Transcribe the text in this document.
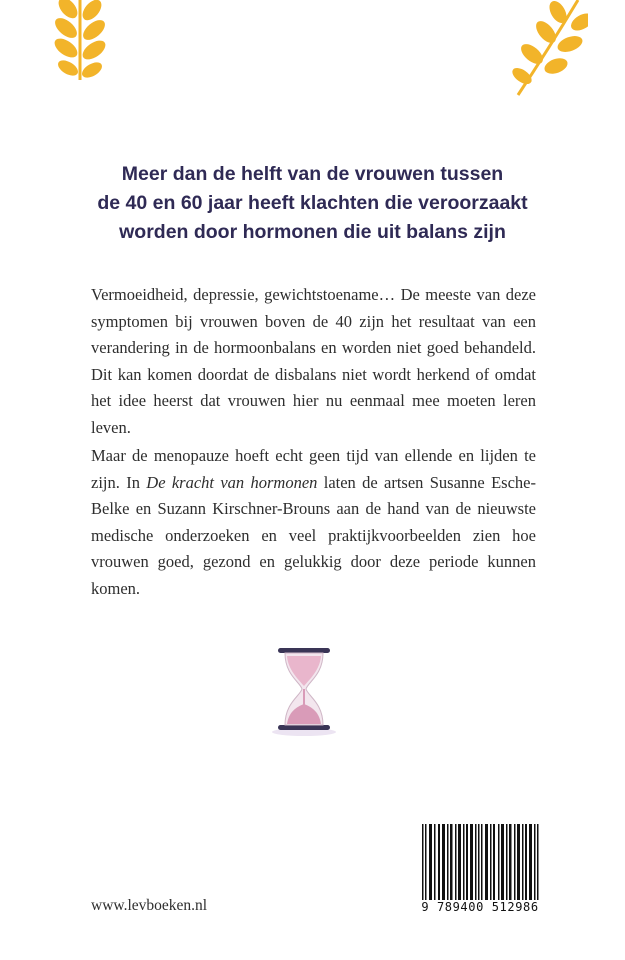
Meer dan de helft van de vrouwen tussen
de 40 en 60 jaar heeft klachten die veroorzaakt
worden door hormonen die uit balans zijn

Vermoeidheid, depressie, gewichtstoename… De meeste van deze symptomen bij vrouwen boven de 40 zijn het resultaat van een verandering in de hormoonbalans en worden niet goed behandeld. Dit kan komen doordat de disbalans niet wordt herkend of omdat het idee heerst dat vrouwen hier nu eenmaal mee moeten leren leven.

Maar de menopauze hoeft echt geen tijd van ellende en lijden te zijn. In De kracht van hormonen laten de artsen Susanne Esche-Belke en Suzann Kirschner-Brouns aan de hand van de nieuwste medische onderzoeken en veel praktijkvoorbeelden zien hoe vrouwen goed, gezond en gelukkig door deze periode kunnen komen.

9 789400 512986
www.levboeken.nl
